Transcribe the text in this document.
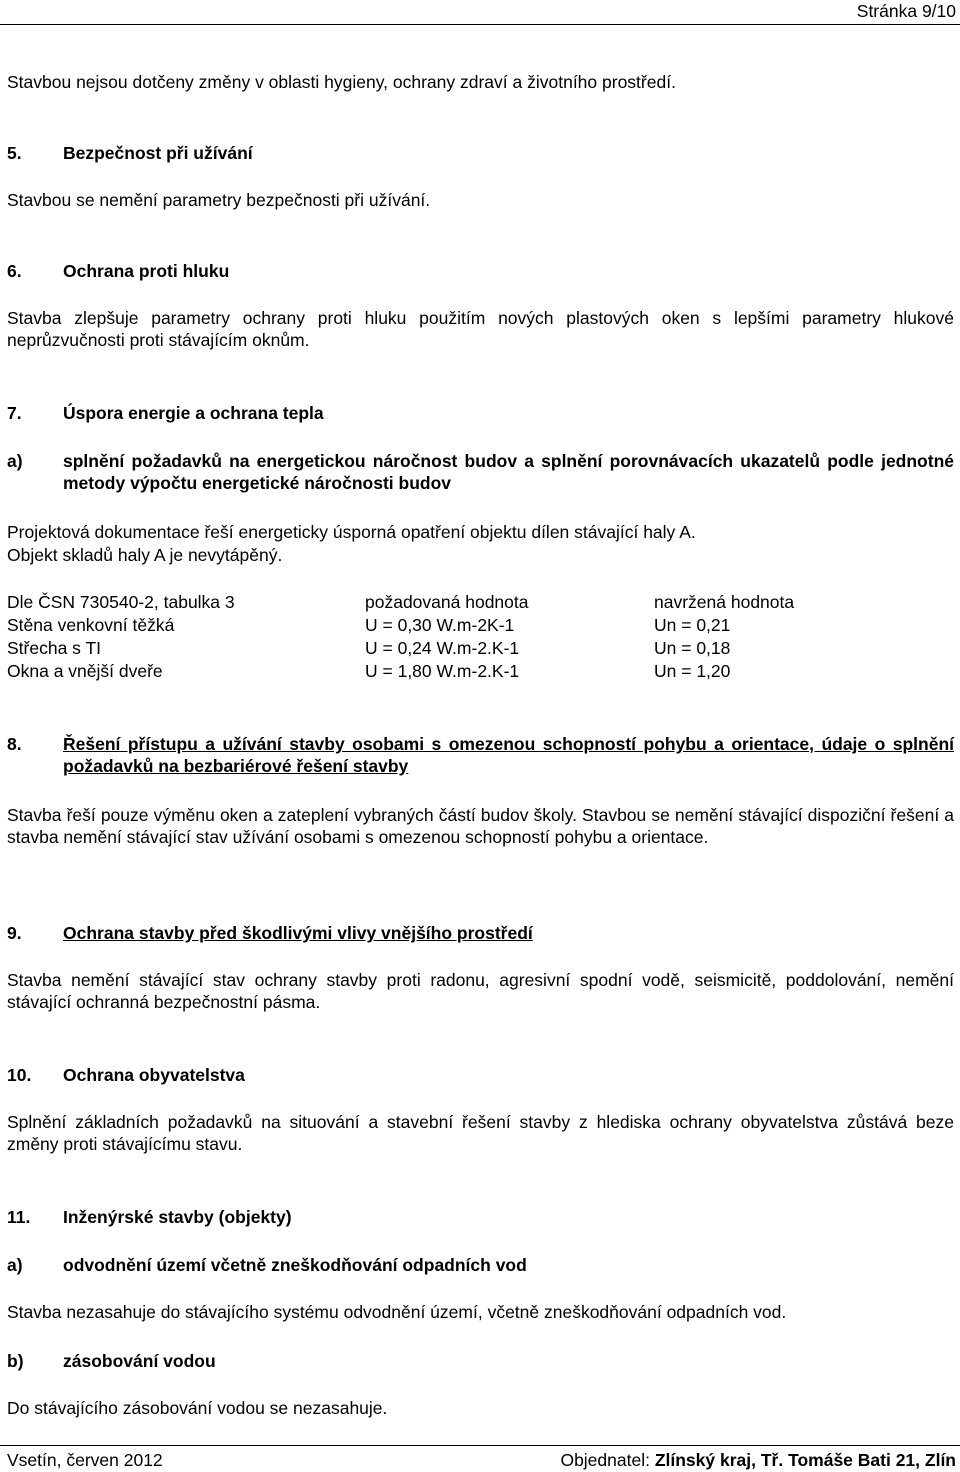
Stránka 9/10

Stavbou nejsou dotčeny změny v oblasti hygieny, ochrany zdraví a životního prostředí.

5.	Bezpečnost při užívání

Stavbou se nemění parametry bezpečnosti při užívání.

6.	Ochrana proti hluku

Stavba zlepšuje parametry ochrany proti hluku použitím nových plastových oken s lepšími parametry hlukové neprůzvučnosti proti stávajícím oknům.

7.	Úspora energie a ochrana tepla
a)	splnění požadavků na energetickou náročnost budov a splnění porovnávacích ukazatelů podle jednotné metody výpočtu energetické náročnosti budov

Projektová dokumentace řeší energeticky úsporná opatření objektu dílen stávající haly A.

Objekt skladů haly A je nevytápěný.

Dle ČSN 730540-2, tabulka 3	požadovaná hodnota	navržená hodnota
Stěna venkovní těžká	U = 0,30 W.m-2K-1	Un = 0,21
Střecha s TI	U = 0,24 W.m-2.K-1	Un = 0,18
Okna a vnější dveře	U = 1,80 W.m-2.K-1	Un = 1,20
8.	Řešení přístupu a užívání stavby osobami s omezenou schopností pohybu a orientace, údaje o splnění požadavků na bezbariérové řešení stavby

Stavba řeší pouze výměnu oken a zateplení vybraných částí budov školy. Stavbou se nemění stávající dispoziční řešení a stavba nemění stávající stav užívání osobami s omezenou schopností pohybu a orientace.

9.	Ochrana stavby před škodlivými vlivy vnějšího prostředí

Stavba nemění stávající stav ochrany stavby proti radonu, agresivní spodní vodě, seismicitě, poddolování, nemění stávající ochranná bezpečnostní pásma.

10.	Ochrana obyvatelstva

Splnění základních požadavků na situování a stavební řešení stavby z hlediska ochrany obyvatelstva zůstává beze změny proti stávajícímu stavu.

11.	Inženýrské stavby (objekty)
a)	odvodnění území včetně zneškodňování odpadních vod

Stavba nezasahuje do stávajícího systému odvodnění území, včetně zneškodňování odpadních vod.

b)	zásobování vodou

Do stávajícího zásobování vodou se nezasahuje.

Vsetín, červen 2012	Objednatel: Zlínský kraj, Tř. Tomáše Bati 21, Zlín
